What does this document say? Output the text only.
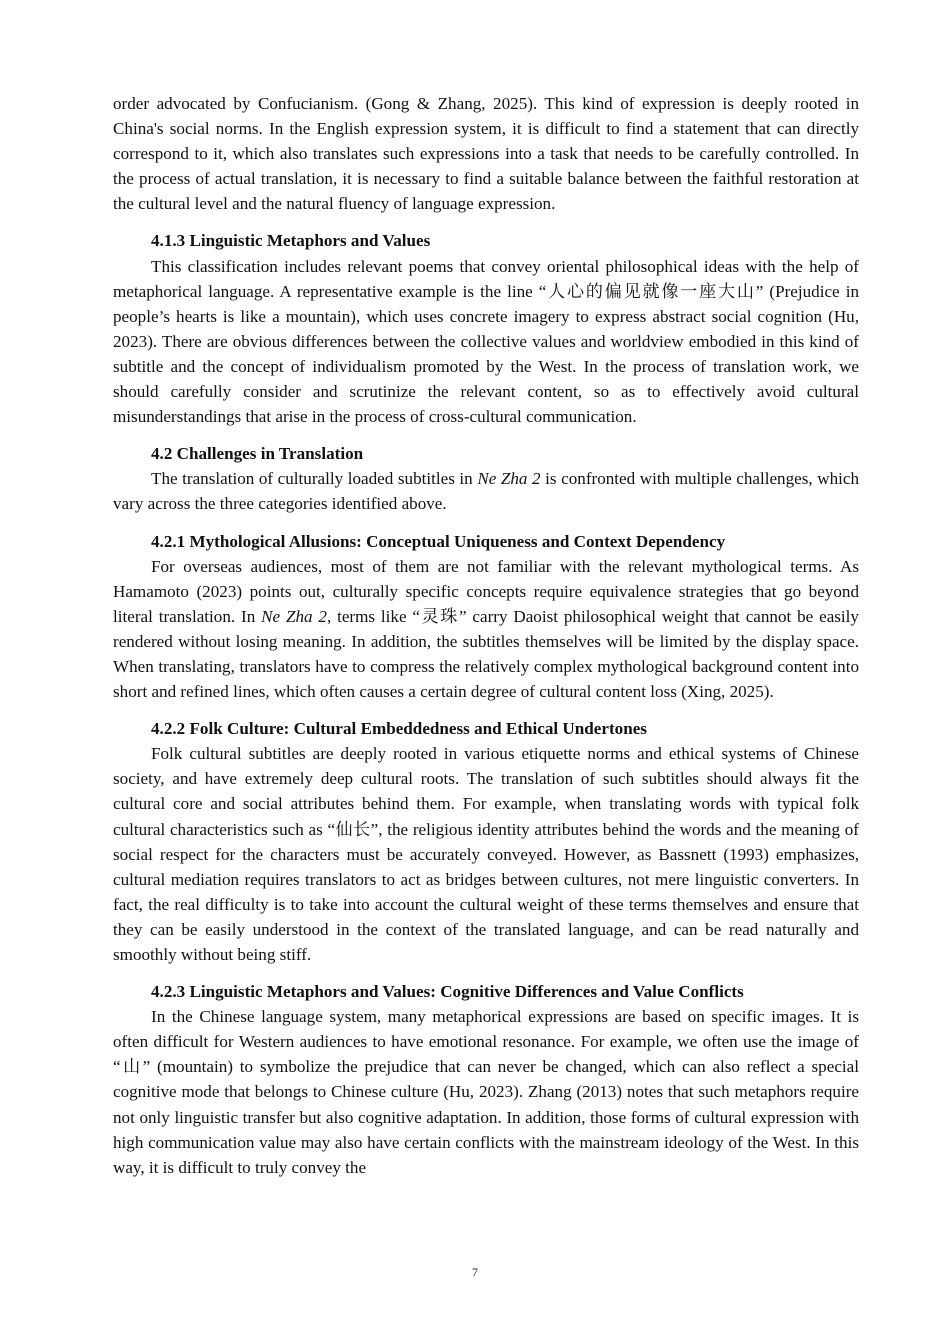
order advocated by Confucianism. (Gong & Zhang, 2025). This kind of expression is deeply rooted in China's social norms. In the English expression system, it is difficult to find a statement that can directly correspond to it, which also translates such expressions into a task that needs to be carefully controlled. In the process of actual translation, it is necessary to find a suitable balance between the faithful restoration at the cultural level and the natural fluency of language expression.

4.1.3 Linguistic Metaphors and Values

This classification includes relevant poems that convey oriental philosophical ideas with the help of metaphorical language. A representative example is the line “人心的偏见就像一座大山” (Prejudice in people’s hearts is like a mountain), which uses concrete imagery to express abstract social cognition (Hu, 2023). There are obvious differences between the collective values and worldview embodied in this kind of subtitle and the concept of individualism promoted by the West. In the process of translation work, we should carefully consider and scrutinize the relevant content, so as to effectively avoid cultural misunderstandings that arise in the process of cross-cultural communication.

4.2 Challenges in Translation

The translation of culturally loaded subtitles in Ne Zha 2 is confronted with multiple challenges, which vary across the three categories identified above.

4.2.1 Mythological Allusions: Conceptual Uniqueness and Context Dependency

For overseas audiences, most of them are not familiar with the relevant mythological terms. As Hamamoto (2023) points out, culturally specific concepts require equivalence strategies that go beyond literal translation. In Ne Zha 2, terms like “灵珠” carry Daoist philosophical weight that cannot be easily rendered without losing meaning. In addition, the subtitles themselves will be limited by the display space. When translating, translators have to compress the relatively complex mythological background content into short and refined lines, which often causes a certain degree of cultural content loss (Xing, 2025).

4.2.2 Folk Culture: Cultural Embeddedness and Ethical Undertones

Folk cultural subtitles are deeply rooted in various etiquette norms and ethical systems of Chinese society, and have extremely deep cultural roots. The translation of such subtitles should always fit the cultural core and social attributes behind them. For example, when translating words with typical folk cultural characteristics such as “仙长”, the religious identity attributes behind the words and the meaning of social respect for the characters must be accurately conveyed. However, as Bassnett (1993) emphasizes, cultural mediation requires translators to act as bridges between cultures, not mere linguistic converters. In fact, the real difficulty is to take into account the cultural weight of these terms themselves and ensure that they can be easily understood in the context of the translated language, and can be read naturally and smoothly without being stiff.

4.2.3 Linguistic Metaphors and Values: Cognitive Differences and Value Conflicts

In the Chinese language system, many metaphorical expressions are based on specific images. It is often difficult for Western audiences to have emotional resonance. For example, we often use the image of “山” (mountain) to symbolize the prejudice that can never be changed, which can also reflect a special cognitive mode that belongs to Chinese culture (Hu, 2023). Zhang (2013) notes that such metaphors require not only linguistic transfer but also cognitive adaptation. In addition, those forms of cultural expression with high communication value may also have certain conflicts with the mainstream ideology of the West. In this way, it is difficult to truly convey the

7
